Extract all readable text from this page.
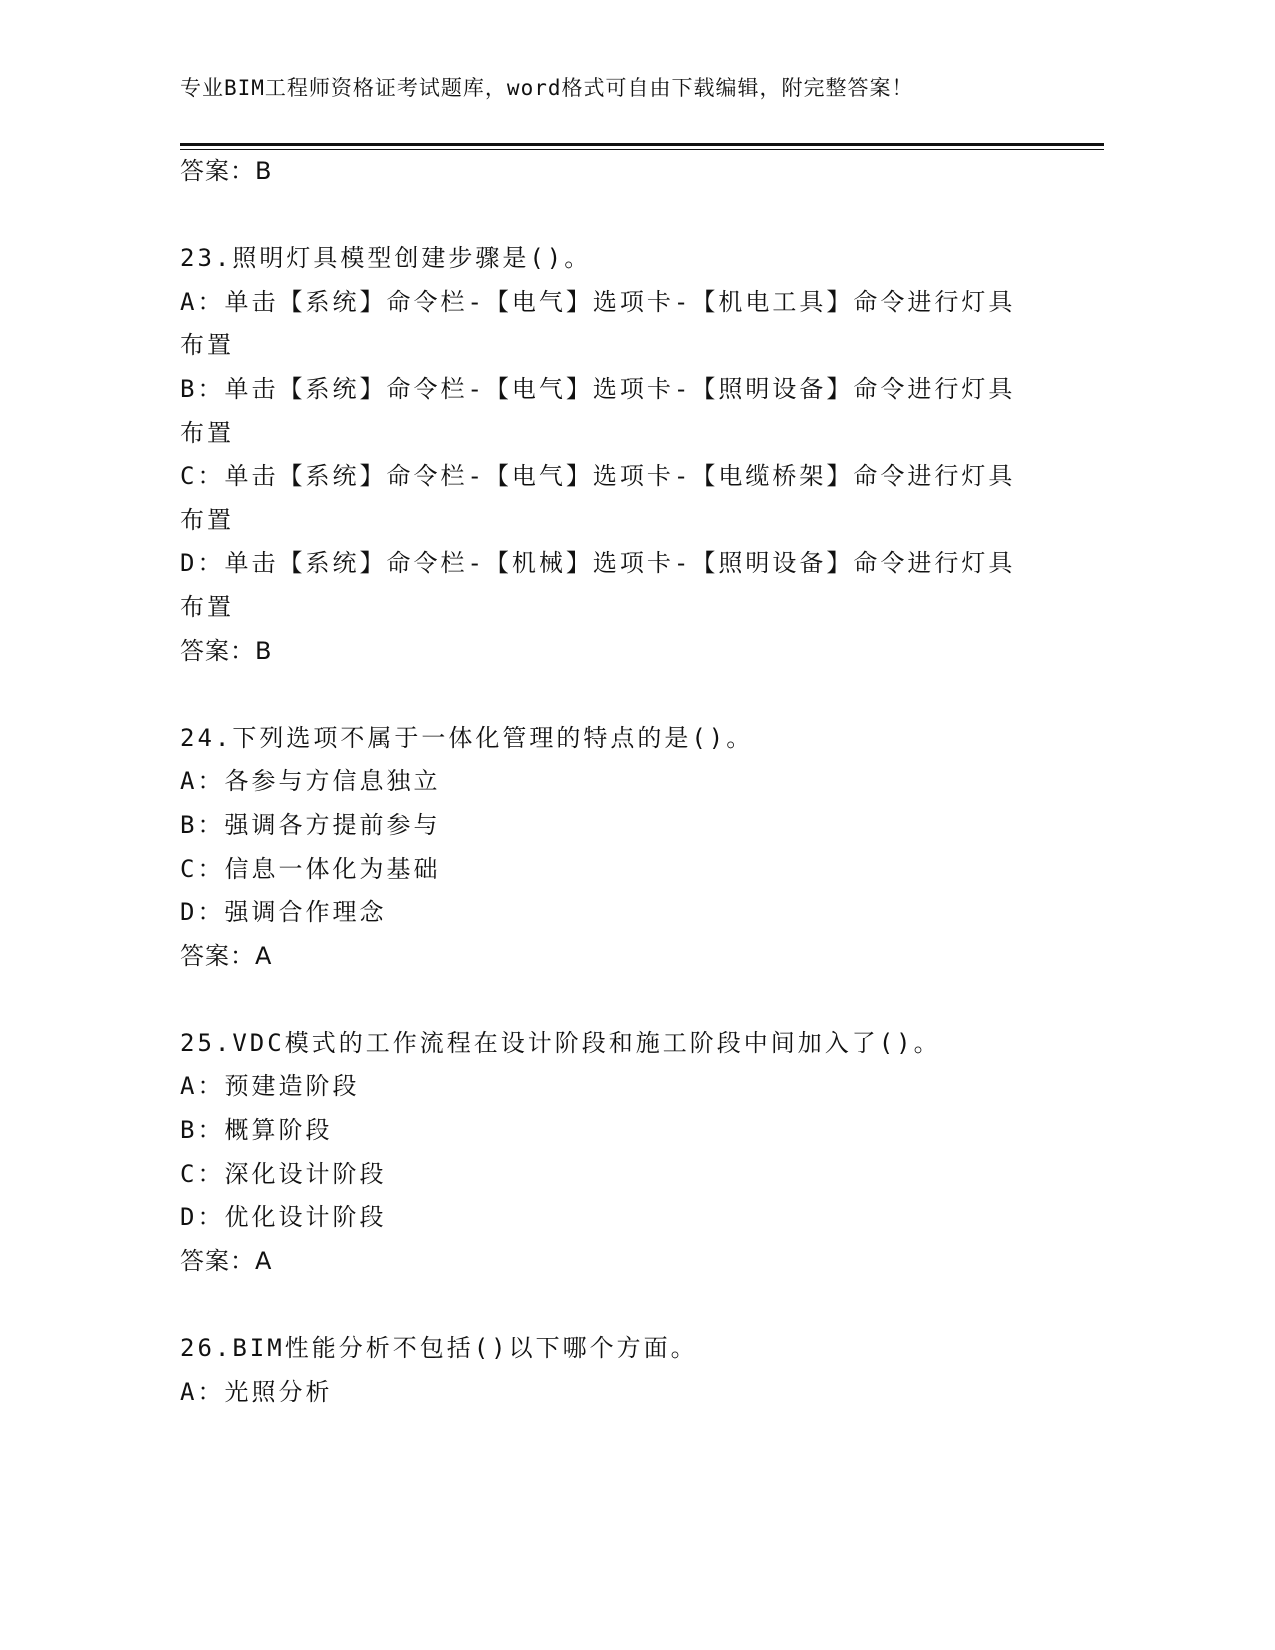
专业BIM工程师资格证考试题库，word格式可自由下载编辑，附完整答案！
答案：B

23.照明灯具模型创建步骤是()。

A：单击【系统】命令栏-【电气】选项卡-【机电工具】命令进行灯具

布置

B：单击【系统】命令栏-【电气】选项卡-【照明设备】命令进行灯具

布置

C：单击【系统】命令栏-【电气】选项卡-【电缆桥架】命令进行灯具

布置

D：单击【系统】命令栏-【机械】选项卡-【照明设备】命令进行灯具

布置

答案：B

24.下列选项不属于一体化管理的特点的是()。

A：各参与方信息独立

B：强调各方提前参与

C：信息一体化为基础

D：强调合作理念

答案：A

25.VDC模式的工作流程在设计阶段和施工阶段中间加入了()。

A：预建造阶段

B：概算阶段

C：深化设计阶段

D：优化设计阶段

答案：A

26.BIM性能分析不包括()以下哪个方面。

A：光照分析
